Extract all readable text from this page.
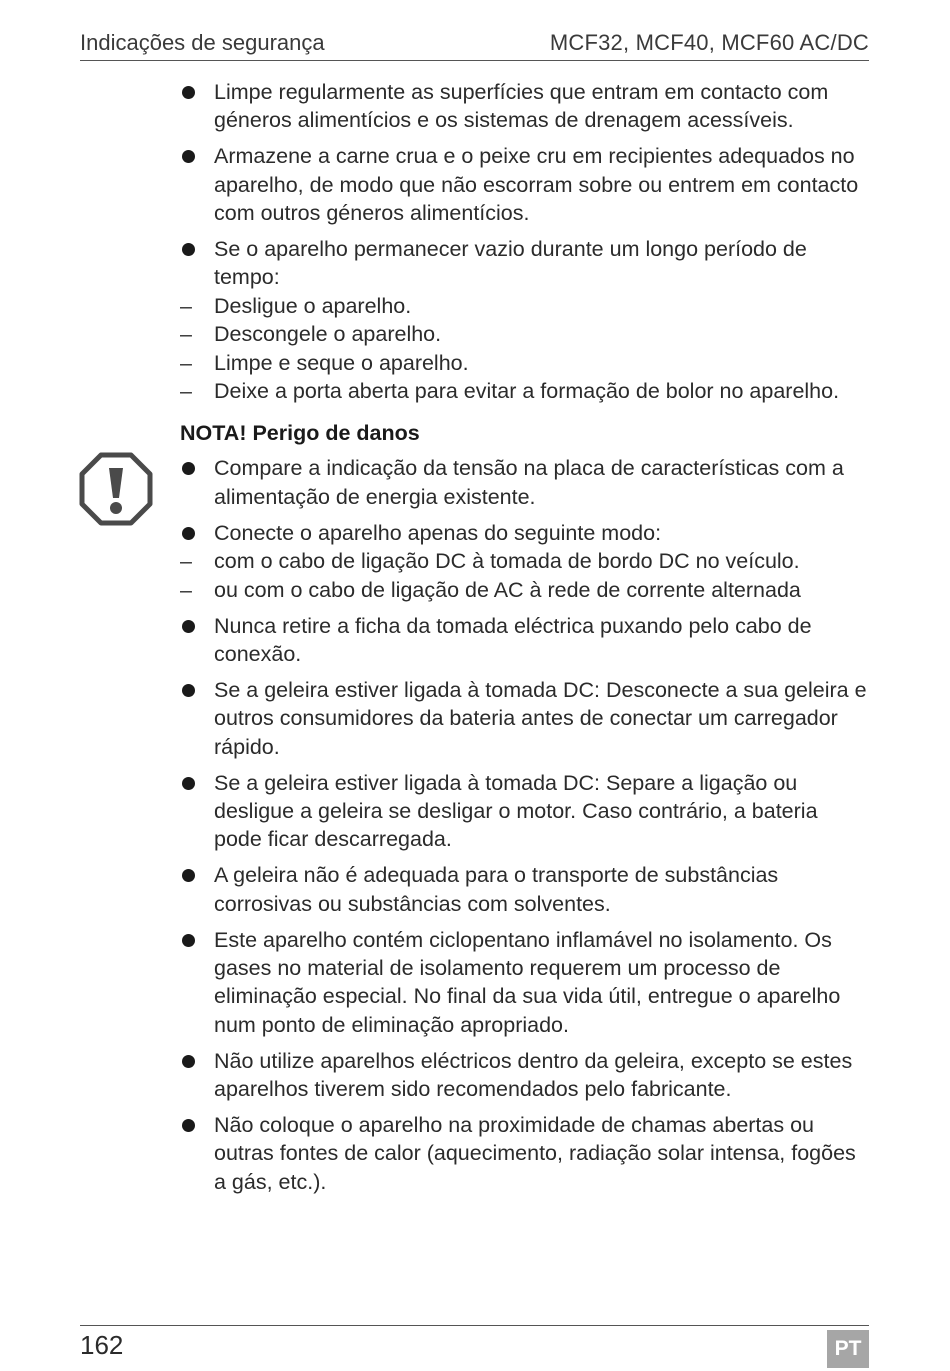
Indicações de segurança	MCF32, MCF40, MCF60 AC/DC
Limpe regularmente as superfícies que entram em contacto com géneros alimentícios e os sistemas de drenagem acessíveis.
Armazene a carne crua e o peixe cru em recipientes adequados no aparelho, de modo que não escorram sobre ou entrem em contacto com outros géneros alimentícios.
Se o aparelho permanecer vazio durante um longo período de tempo:
– Desligue o aparelho.
– Descongele o aparelho.
– Limpe e seque o aparelho.
– Deixe a porta aberta para evitar a formação de bolor no aparelho.
NOTA! Perigo de danos
Compare a indicação da tensão na placa de características com a alimentação de energia existente.
Conecte o aparelho apenas do seguinte modo:
– com o cabo de ligação DC à tomada de bordo DC no veículo.
– ou com o cabo de ligação de AC à rede de corrente alternada
Nunca retire a ficha da tomada eléctrica puxando pelo cabo de conexão.
Se a geleira estiver ligada à tomada DC: Desconecte a sua geleira e outros consumidores da bateria antes de conectar um carregador rápido.
Se a geleira estiver ligada à tomada DC: Separe a ligação ou desligue a geleira se desligar o motor. Caso contrário, a bateria pode ficar descarregada.
A geleira não é adequada para o transporte de substâncias corrosivas ou substâncias com solventes.
Este aparelho contém ciclopentano inflamável no isolamento. Os gases no material de isolamento requerem um processo de eliminação especial. No final da sua vida útil, entregue o aparelho num ponto de eliminação apropriado.
Não utilize aparelhos eléctricos dentro da geleira, excepto se estes aparelhos tiverem sido recomendados pelo fabricante.
Não coloque o aparelho na proximidade de chamas abertas ou outras fontes de calor (aquecimento, radiação solar intensa, fogões a gás, etc.).
162	PT
